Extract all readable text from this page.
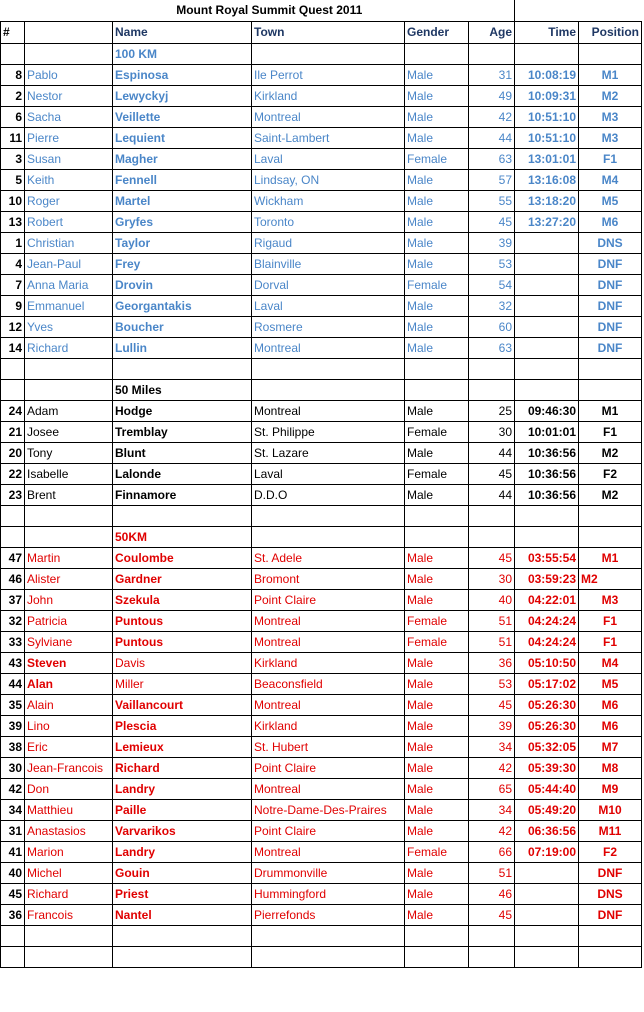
	Mount Royal Summit Quest 2011						
#		Name	Town	Gender	Age	Time	Position
		100 KM					
8	Pablo	Espinosa	Ile Perrot	Male	31	10:08:19	M1
2	Nestor	Lewyckyj	Kirkland	Male	49	10:09:31	M2
6	Sacha	Veillette	Montreal	Male	42	10:51:10	M3
11	Pierre	Lequient	Saint-Lambert	Male	44	10:51:10	M3
3	Susan	Magher	Laval	Female	63	13:01:01	F1
5	Keith	Fennell	Lindsay, ON	Male	57	13:16:08	M4
10	Roger	Martel	Wickham	Male	55	13:18:20	M5
13	Robert	Gryfes	Toronto	Male	45	13:27:20	M6
1	Christian	Taylor	Rigaud	Male	39		DNS
4	Jean-Paul	Frey	Blainville	Male	53		DNF
7	Anna Maria	Drovin	Dorval	Female	54		DNF
9	Emmanuel	Georgantakis	Laval	Male	32		DNF
12	Yves	Boucher	Rosmere	Male	60		DNF
14	Richard	Lullin	Montreal	Male	63		DNF

		50 Miles					
24	Adam	Hodge	Montreal	Male	25	09:46:30	M1
21	Josee	Tremblay	St. Philippe	Female	30	10:01:01	F1
20	Tony	Blunt	St. Lazare	Male	44	10:36:56	M2
22	Isabelle	Lalonde	Laval	Female	45	10:36:56	F2
23	Brent	Finnamore	D.D.O	Male	44	10:36:56	M2

		50KM					
47	Martin	Coulombe	St. Adele	Male	45	03:55:54	M1
46	Alister	Gardner	Bromont	Male	30	03:59:23	M2
37	John	Szekula	Point Claire	Male	40	04:22:01	M3
32	Patricia	Puntous	Montreal	Female	51	04:24:24	F1
33	Sylviane	Puntous	Montreal	Female	51	04:24:24	F1
43	Steven	Davis	Kirkland	Male	36	05:10:50	M4
44	Alan	Miller	Beaconsfield	Male	53	05:17:02	M5
35	Alain	Vaillancourt	Montreal	Male	45	05:26:30	M6
39	Lino	Plescia	Kirkland	Male	39	05:26:30	M6
38	Eric	Lemieux	St. Hubert	Male	34	05:32:05	M7
30	Jean-Francois	Richard	Point Claire	Male	42	05:39:30	M8
42	Don	Landry	Montreal	Male	65	05:44:40	M9
34	Matthieu	Paille	Notre-Dame-Des-Praires	Male	34	05:49:20	M10
31	Anastasios	Varvarikos	Point Claire	Male	42	06:36:56	M11
41	Marion	Landry	Montreal	Female	66	07:19:00	F2
40	Michel	Gouin	Drummonville	Male	51		DNF
45	Richard	Priest	Hummingford	Male	46		DNS
36	Francois	Nantel	Pierrefonds	Male	45		DNF
